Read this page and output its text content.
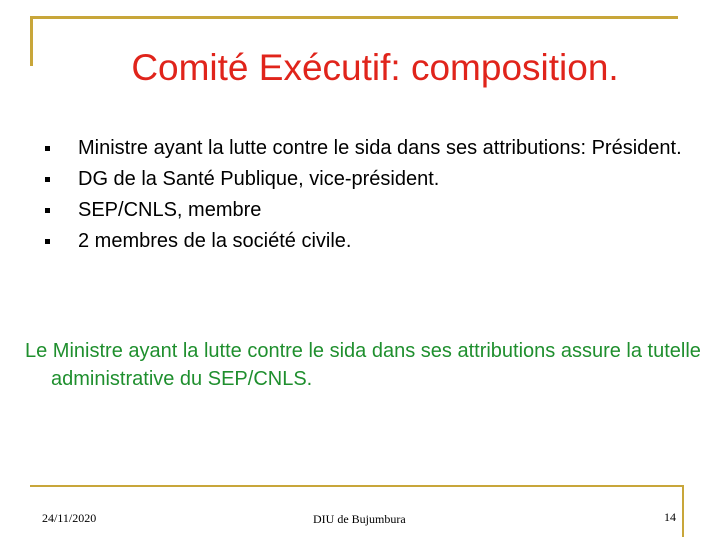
Comité Exécutif: composition.
Ministre ayant la lutte contre le sida dans ses attributions: Président.
DG de la Santé Publique, vice-président.
SEP/CNLS, membre
2 membres de la société civile.

Le Ministre ayant la lutte contre le sida dans ses attributions assure la tutelle administrative du SEP/CNLS.

24/11/2020	DIU de Bujumbura	14
